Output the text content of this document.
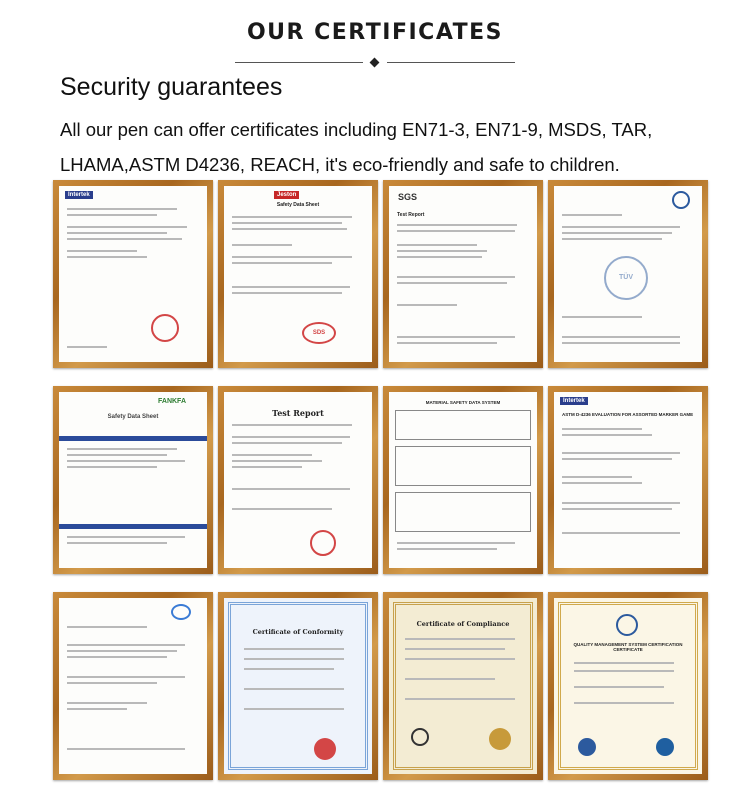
OUR CERTIFICATES
Security guarantees
All our pen can offer certificates including EN71-3, EN71-9, MSDS, TAR,
LHAMA,ASTM D4236, REACH, it's eco-friendly and safe to children.
Intertek	Jeston
Safety Data Sheet
SDS
SGS
Test Report
TÜV
FANKFA
Safety Data Sheet	Test Report
MATERIAL SAFETY DATA SYSTEM	Intertek
ASTM D-4236 EVALUATION FOR ASSORTED MARKER GAME
Certificate of Conformity
Certificate of Compliance
QUALITY MANAGEMENT SYSTEM CERTIFICATION CERTIFICATE
